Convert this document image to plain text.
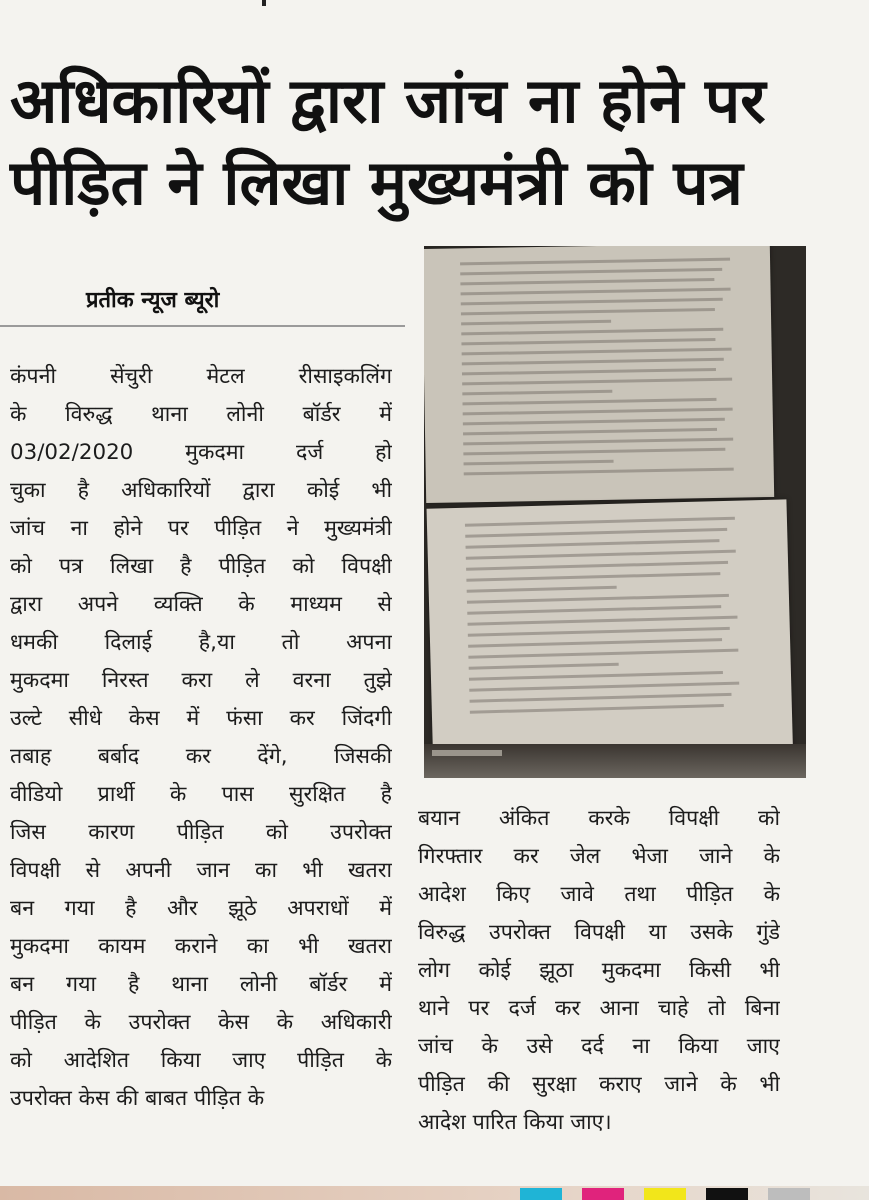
अधिकारियों द्वारा जांच ना होने पर
पीड़ित ने लिखा मुख्यमंत्री को पत्र
प्रतीक न्यूज ब्यूरो

कंपनी सेंचुरी मेटल रीसाइकलिंग

के विरुद्ध थाना लोनी बॉर्डर में

03/02/2020 मुकदमा दर्ज हो

चुका है अधिकारियों द्वारा कोई भी

जांच ना होने पर पीड़ित ने मुख्यमंत्री

को पत्र लिखा है पीड़ित को विपक्षी

द्वारा अपने व्यक्ति के माध्यम से

धमकी दिलाई है,या तो अपना

मुकदमा निरस्त करा ले वरना तुझे

उल्टे सीधे केस में फंसा कर जिंदगी

तबाह बर्बाद कर देंगे, जिसकी

वीडियो प्रार्थी के पास सुरक्षित है

जिस कारण पीड़ित को उपरोक्त

विपक्षी से अपनी जान का भी खतरा

बन गया है और झूठे अपराधों में

मुकदमा कायम कराने का भी खतरा

बन गया है थाना लोनी बॉर्डर में

पीड़ित के उपरोक्त केस के अधिकारी

को आदेशित किया जाए पीड़ित के

उपरोक्त केस की बाबत पीड़ित के

बयान अंकित करके विपक्षी को

गिरफ्तार कर जेल भेजा जाने के

आदेश किए जावे तथा पीड़ित के

विरुद्ध उपरोक्त विपक्षी या उसके गुंडे

लोग कोई झूठा मुकदमा किसी भी

थाने पर दर्ज कर आना चाहे तो बिना

जांच के उसे दर्द ना किया जाए

पीड़ित की सुरक्षा कराए जाने के भी

आदेश पारित किया जाए।
